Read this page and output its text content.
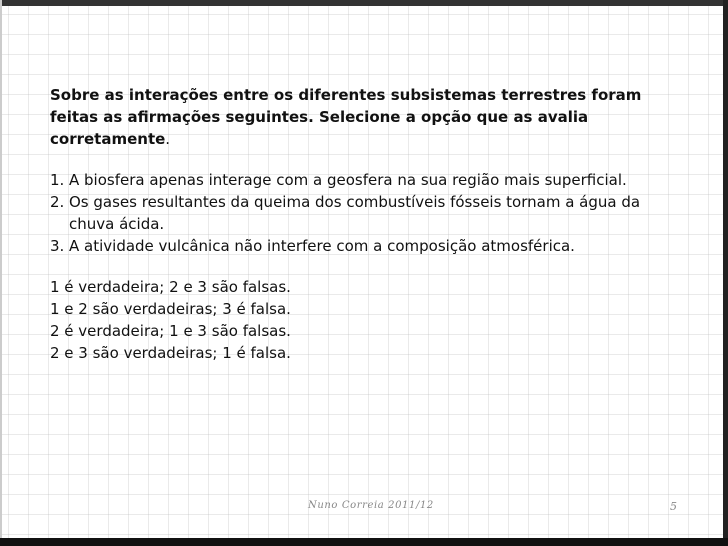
Sobre as interações entre os diferentes subsistemas terrestres foram feitas as afirmações seguintes. Selecione a opção que as avalia corretamente.

1. A biosfera apenas interage com a geosfera na sua região mais superficial.
2. Os gases resultantes da queima dos combustíveis fósseis tornam a água da chuva ácida.
3. A atividade vulcânica não interfere com a composição atmosférica.
1 é verdadeira; 2 e 3 são falsas.
1 e 2 são verdadeiras; 3 é falsa.
2 é verdadeira; 1 e 3 são falsas.
2 e 3 são verdadeiras; 1 é falsa.
Nuno Correia 2011/12	5
